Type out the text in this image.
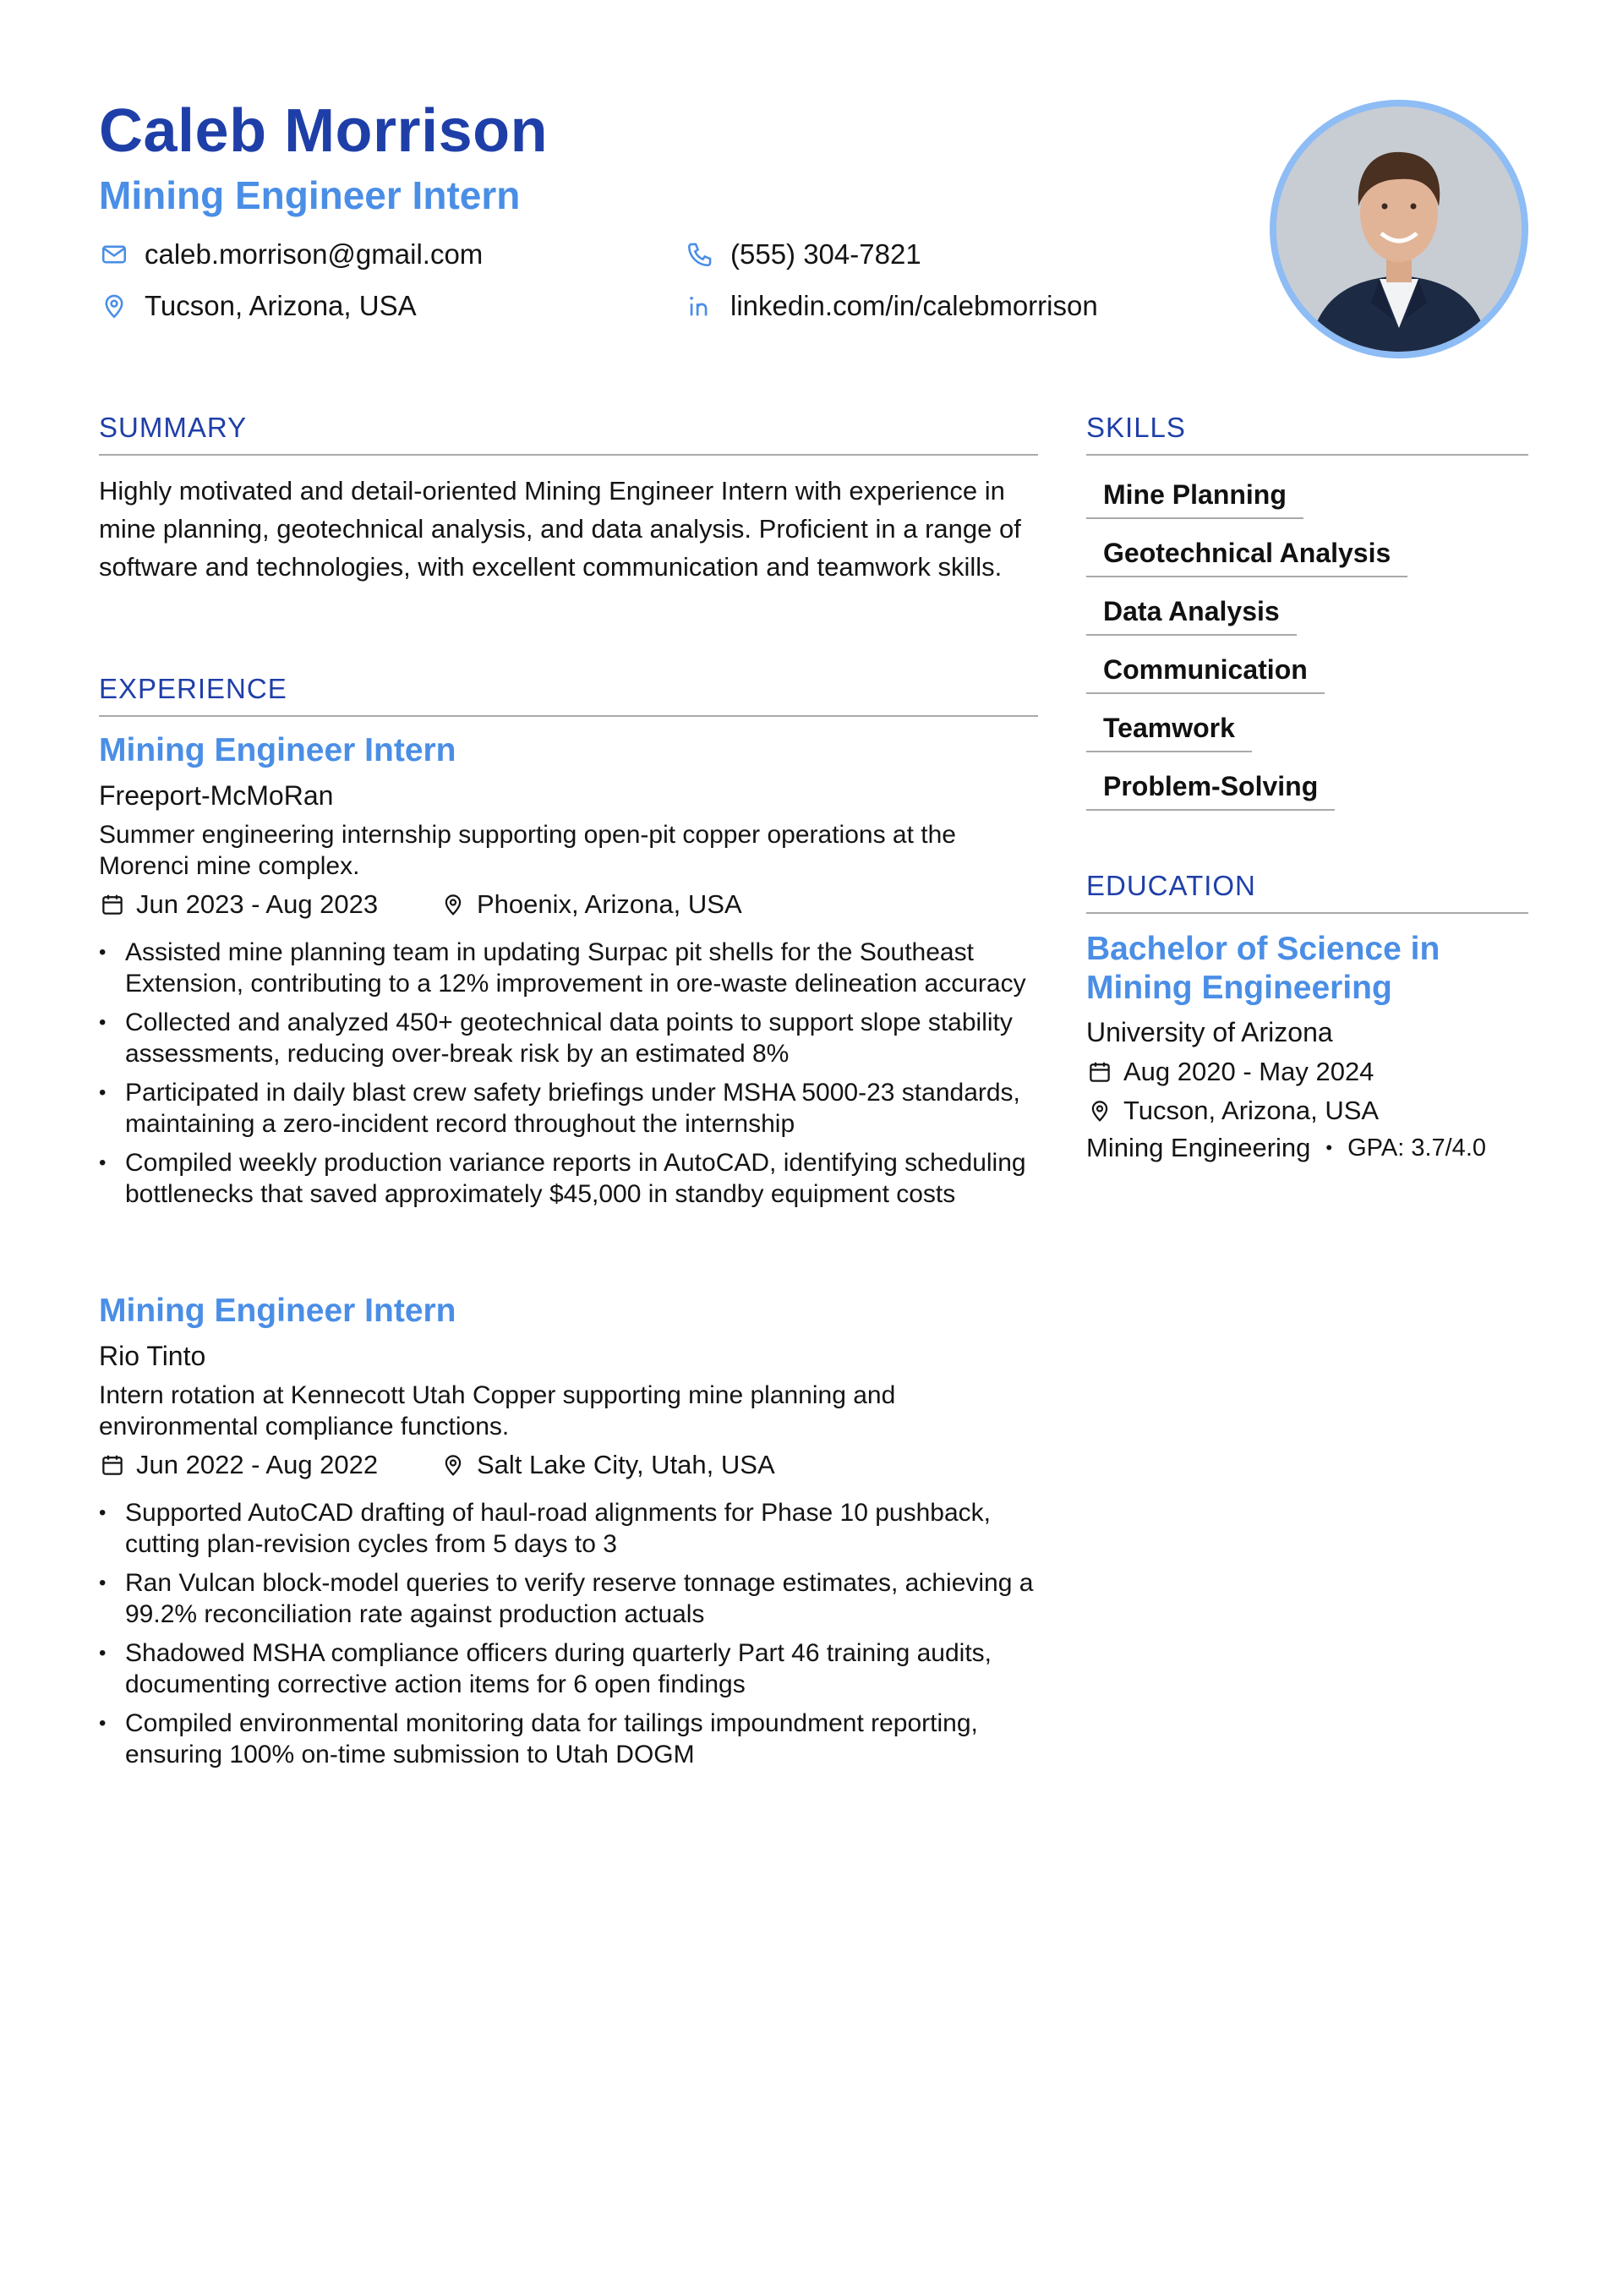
Caleb Morrison
Mining Engineer Intern
caleb.morrison@gmail.com	(555) 304-7821
Tucson, Arizona, USA	linkedin.com/in/calebmorrison
SUMMARY
Highly motivated and detail-oriented Mining Engineer Intern with experience in mine planning, geotechnical analysis, and data analysis. Proficient in a range of software and technologies, with excellent communication and teamwork skills.
EXPERIENCE
Mining Engineer Intern
Freeport-McMoRan
Summer engineering internship supporting open-pit copper operations at the Morenci mine complex.
Jun 2023 - Aug 2023	Phoenix, Arizona, USA
• Assisted mine planning team in updating Surpac pit shells for the Southeast Extension, contributing to a 12% improvement in ore-waste delineation accuracy
• Collected and analyzed 450+ geotechnical data points to support slope stability assessments, reducing over-break risk by an estimated 8%
• Participated in daily blast crew safety briefings under MSHA 5000-23 standards, maintaining a zero-incident record throughout the internship
• Compiled weekly production variance reports in AutoCAD, identifying scheduling bottlenecks that saved approximately $45,000 in standby equipment costs
Mining Engineer Intern
Rio Tinto
Intern rotation at Kennecott Utah Copper supporting mine planning and environmental compliance functions.
Jun 2022 - Aug 2022	Salt Lake City, Utah, USA
• Supported AutoCAD drafting of haul-road alignments for Phase 10 pushback, cutting plan-revision cycles from 5 days to 3
• Ran Vulcan block-model queries to verify reserve tonnage estimates, achieving a 99.2% reconciliation rate against production actuals
• Shadowed MSHA compliance officers during quarterly Part 46 training audits, documenting corrective action items for 6 open findings
• Compiled environmental monitoring data for tailings impoundment reporting, ensuring 100% on-time submission to Utah DOGM
SKILLS
Mine Planning
Geotechnical Analysis
Data Analysis
Communication
Teamwork
Problem-Solving
EDUCATION
Bachelor of Science in Mining Engineering
University of Arizona
Aug 2020 - May 2024
Tucson, Arizona, USA
Mining Engineering • GPA: 3.7/4.0
